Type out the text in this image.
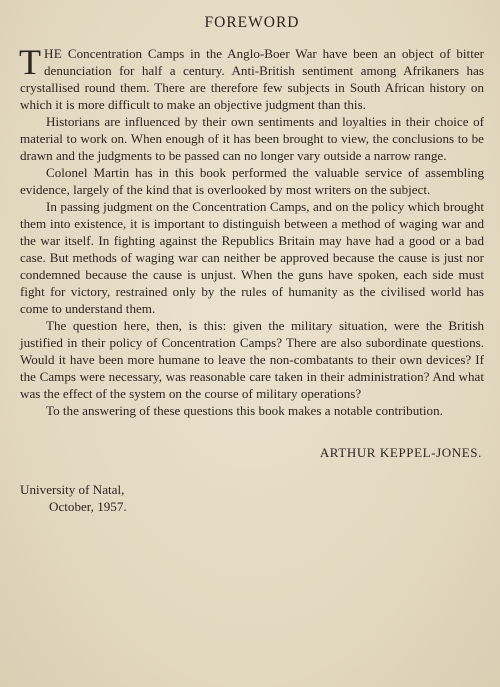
FOREWORD

THE Concentration Camps in the Anglo-Boer War have been an object of bitter denunciation for half a century. Anti-British sentiment among Afrikaners has crystallised round them. There are therefore few subjects in South African history on which it is more difficult to make an objective judgment than this.

Historians are influenced by their own sentiments and loyalties in their choice of material to work on. When enough of it has been brought to view, the conclusions to be drawn and the judgments to be passed can no longer vary outside a narrow range.

Colonel Martin has in this book performed the valuable service of assembling evidence, largely of the kind that is overlooked by most writers on the subject.

In passing judgment on the Concentration Camps, and on the policy which brought them into existence, it is important to distinguish between a method of waging war and the war itself. In fighting against the Republics Britain may have had a good or a bad case. But methods of waging war can neither be approved because the cause is just nor condemned because the cause is unjust. When the guns have spoken, each side must fight for victory, restrained only by the rules of humanity as the civilised world has come to understand them.

The question here, then, is this: given the military situation, were the British justified in their policy of Concentration Camps? There are also subordinate questions. Would it have been more humane to leave the non-combatants to their own devices? If the Camps were necessary, was reasonable care taken in their administration? And what was the effect of the system on the course of military operations?

To the answering of these questions this book makes a notable contribution.

ARTHUR KEPPEL-JONES.
University of Natal,
October, 1957.
